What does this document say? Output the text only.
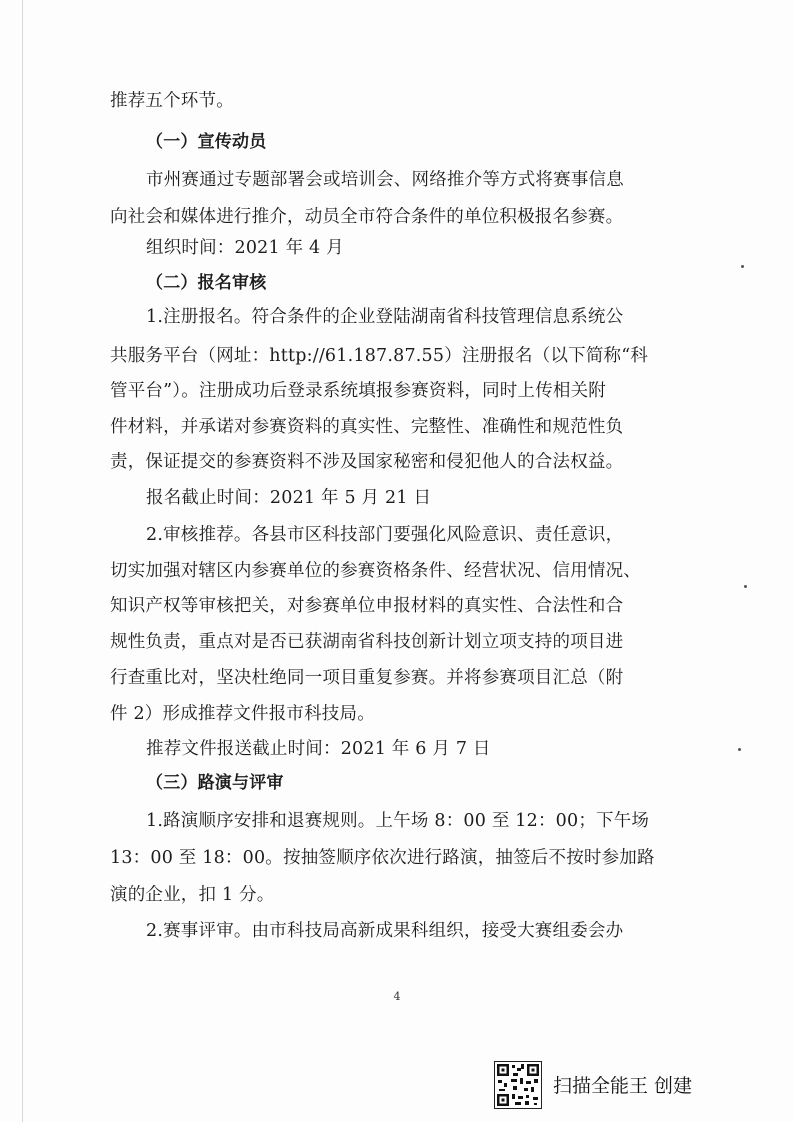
推荐五个环节。
（一）宣传动员
市州赛通过专题部署会或培训会、网络推介等方式将赛事信息
向社会和媒体进行推介，动员全市符合条件的单位积极报名参赛。
组织时间：2021 年 4 月
（二）报名审核
1.注册报名。符合条件的企业登陆湖南省科技管理信息系统公
共服务平台（网址：http://61.187.87.55）注册报名（以下简称“科
管平台”）。注册成功后登录系统填报参赛资料，同时上传相关附
件材料，并承诺对参赛资料的真实性、完整性、准确性和规范性负
责，保证提交的参赛资料不涉及国家秘密和侵犯他人的合法权益。
报名截止时间：2021 年 5 月 21 日
2.审核推荐。各县市区科技部门要强化风险意识、责任意识，
切实加强对辖区内参赛单位的参赛资格条件、经营状况、信用情况、
知识产权等审核把关，对参赛单位申报材料的真实性、合法性和合
规性负责，重点对是否已获湖南省科技创新计划立项支持的项目进
行查重比对，坚决杜绝同一项目重复参赛。并将参赛项目汇总（附
件 2）形成推荐文件报市科技局。
推荐文件报送截止时间：2021 年 6 月 7 日
（三）路演与评审
1.路演顺序安排和退赛规则。上午场 8：00 至 12：00；下午场
13：00 至 18：00。按抽签顺序依次进行路演，抽签后不按时参加路
演的企业，扣 1 分。
2.赛事评审。由市科技局高新成果科组织，接受大赛组委会办
4
扫描全能王 创建
